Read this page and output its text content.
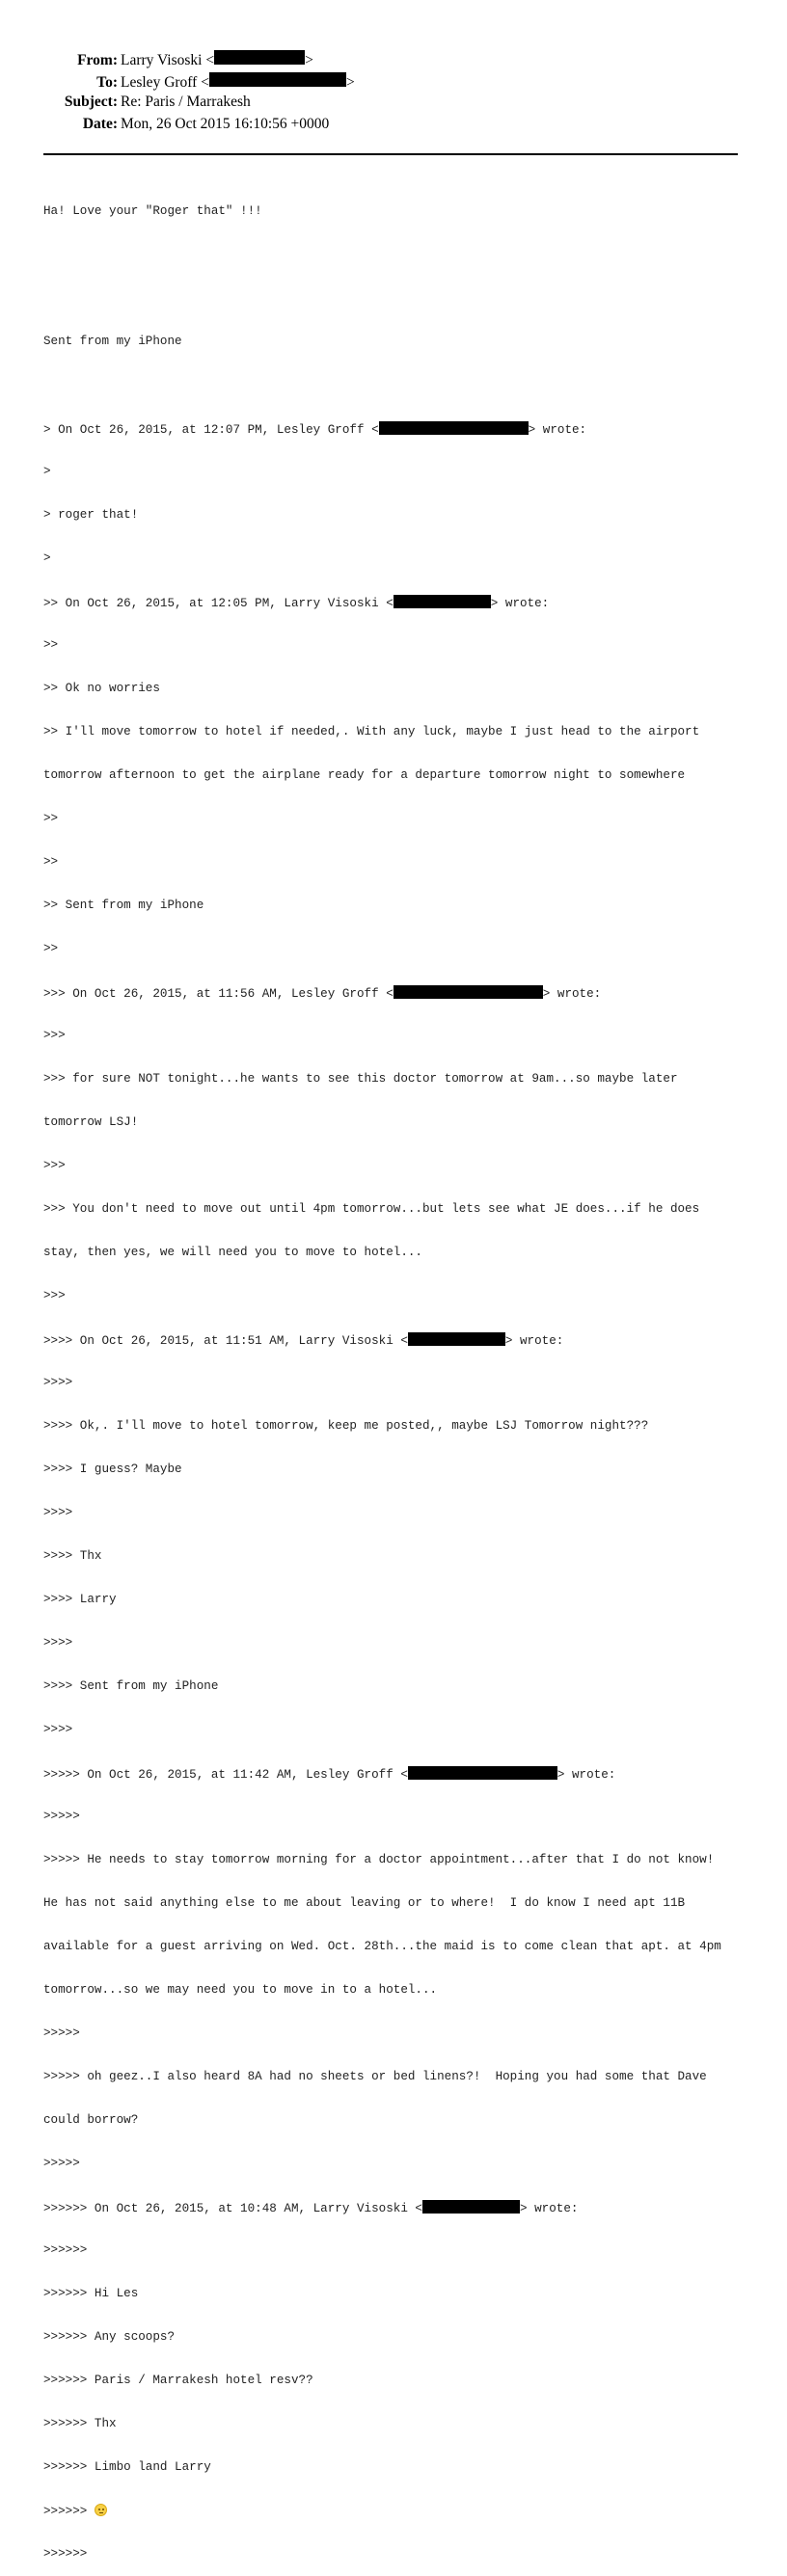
From: Larry Visoski <	>
To: Lesley Groff <	>
Subject: Re: Paris / Marrakesh
Date: Mon, 26 Oct 2015 16:10:56 +0000

Ha! Love your "Roger that" !!!

Sent from my iPhone

> On Oct 26, 2015, at 12:07 PM, Lesley Groff <	> wrote:

>

> roger that!

>

>> On Oct 26, 2015, at 12:05 PM, Larry Visoski <	> wrote:

>>

>> Ok no worries

>> I'll move tomorrow to hotel if needed,. With any luck, maybe I just head to the airport

tomorrow afternoon to get the airplane ready for a departure tomorrow night to somewhere

>>

>>

>> Sent from my iPhone

>>

>>> On Oct 26, 2015, at 11:56 AM, Lesley Groff <	> wrote:

>>>

>>> for sure NOT tonight...he wants to see this doctor tomorrow at 9am...so maybe later

tomorrow LSJ!

>>>

>>> You don't need to move out until 4pm tomorrow...but lets see what JE does...if he does

stay, then yes, we will need you to move to hotel...

>>>

>>>> On Oct 26, 2015, at 11:51 AM, Larry Visoski <	> wrote:

>>>>

>>>> Ok,. I'll move to hotel tomorrow, keep me posted,, maybe LSJ Tomorrow night???

>>>> I guess? Maybe

>>>>

>>>> Thx

>>>> Larry

>>>>

>>>> Sent from my iPhone

>>>>

>>>>> On Oct 26, 2015, at 11:42 AM, Lesley Groff <	> wrote:

>>>>>

>>>>> He needs to stay tomorrow morning for a doctor appointment...after that I do not know!

He has not said anything else to me about leaving or to where!  I do know I need apt 11B

available for a guest arriving on Wed. Oct. 28th...the maid is to come clean that apt. at 4pm

tomorrow...so we may need you to move in to a hotel...

>>>>>

>>>>> oh geez..I also heard 8A had no sheets or bed linens?!  Hoping you had some that Dave

could borrow?

>>>>>

>>>>>> On Oct 26, 2015, at 10:48 AM, Larry Visoski <	> wrote:

>>>>>>

>>>>>> Hi Les

>>>>>> Any scoops?

>>>>>> Paris / Marrakesh hotel resv??

>>>>>> Thx

>>>>>> Limbo land Larry

>>>>>>

>>>>>>
